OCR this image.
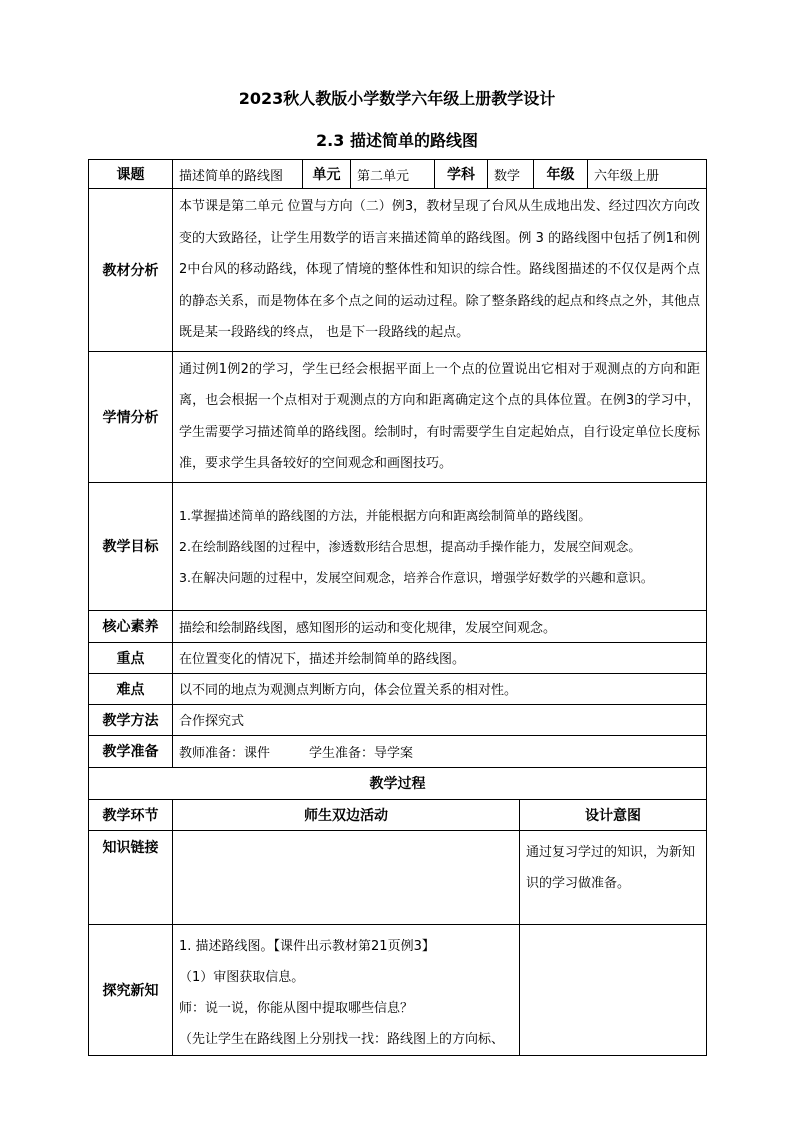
2023秋人教版小学数学六年级上册教学设计
2.3 描述简单的路线图
课题	描述简单的路线图	单元	第二单元	学科	数学		年级	六年级上册
教材分析	本节课是第二单元 位置与方向（二）例3，教材呈现了台风从生成地出发、经过四次方向改变的大致路径，让学生用数学的语言来描述简单的路线图。例 3 的路线图中包括了例1和例2中台风的移动路线，体现了情境的整体性和知识的综合性。路线图描述的不仅仅是两个点的静态关系，而是物体在多个点之间的运动过程。除了整条路线的起点和终点之外，其他点既是某一段路线的终点， 也是下一段路线的起点。							
学情分析	通过例1例2的学习，学生已经会根据平面上一个点的位置说出它相对于观测点的方向和距离，也会根据一个点相对于观测点的方向和距离确定这个点的具体位置。在例3的学习中，学生需要学习描述简单的路线图。绘制时，有时需要学生自定起始点，自行设定单位长度标准，要求学生具备较好的空间观念和画图技巧。							
教学目标	1.掌握描述简单的路线图的方法，并能根据方向和距离绘制简单的路线图。
2.在绘制路线图的过程中，渗透数形结合思想，提高动手操作能力，发展空间观念。
3.在解决问题的过程中，发展空间观念，培养合作意识，增强学好数学的兴趣和意识。							

核心素养	描绘和绘制路线图，感知图形的运动和变化规律，发展空间观念。							
重点	在位置变化的情况下，描述并绘制简单的路线图。							
难点	以不同的地点为观测点判断方向，体会位置关系的相对性。							
教学方法	合作探究式							
教学准备	教师准备：课件　　　学生准备：导学案							
教学过程								
教学环节	师生双边活动					设计意图		
知识链接						通过复习学过的知识，为新知识的学习做准备。		
探究新知	1. 描述路线图。【课件出示教材第21页例3】
（1）审图获取信息。
师：说一说，你能从图中提取哪些信息？
（先让学生在路线图上分别找一找：路线图上的方向标、							
